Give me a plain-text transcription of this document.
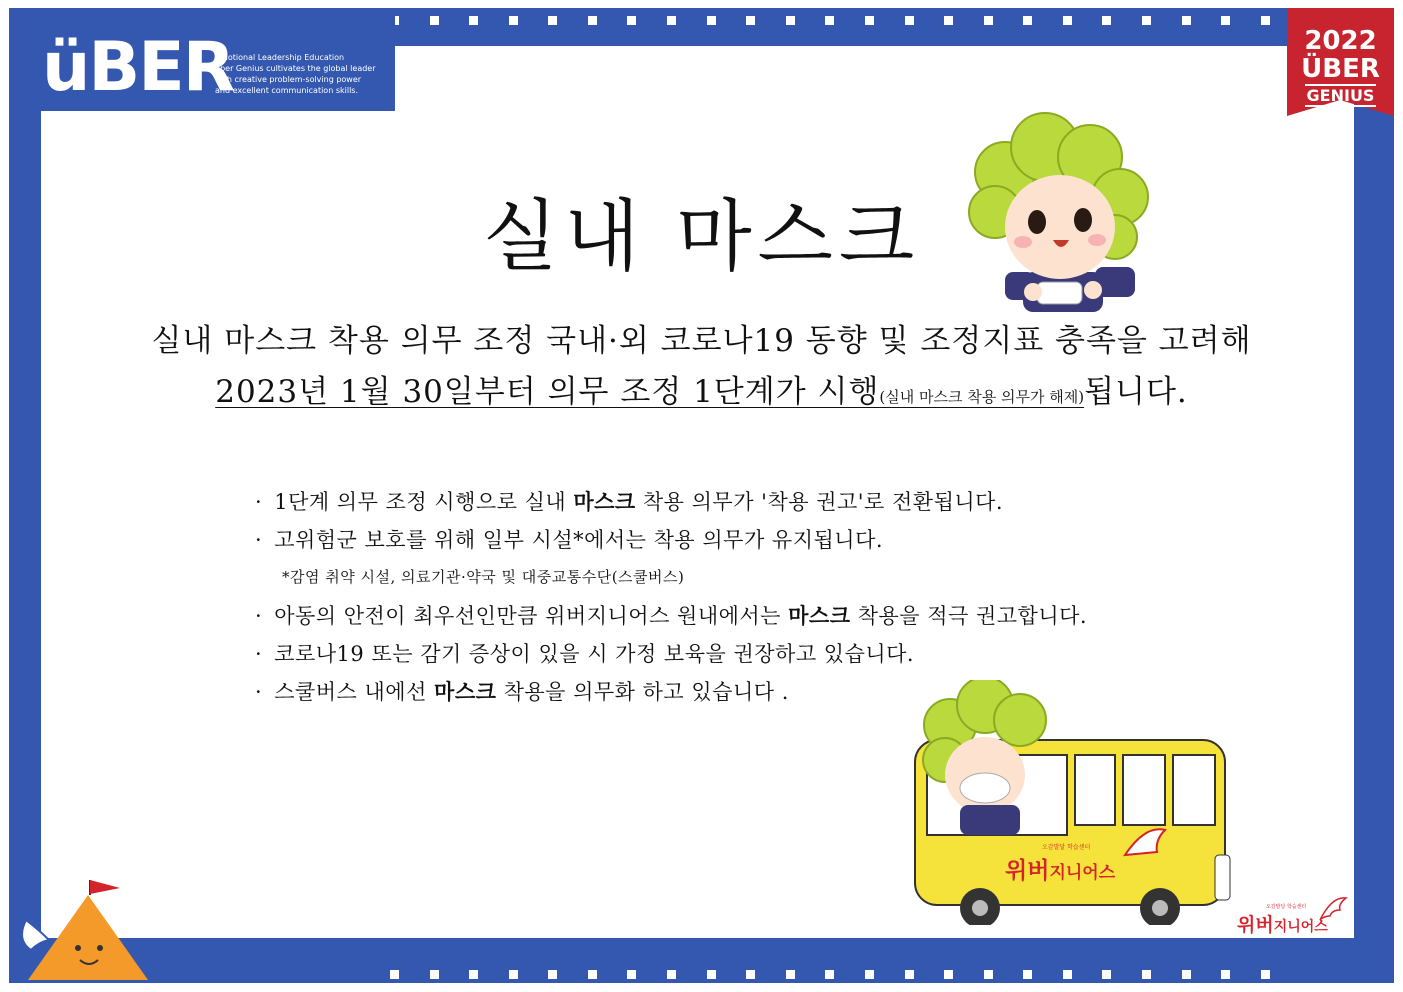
üBER
Emotional Leadership Education
uber Genius cultivates the global leader
with creative problem-solving power
and excellent communication skills.
2022
ÜBER
GENIUS
실내 마스크
실내 마스크 착용 의무 조정 국내·외 코로나19 동향 및 조정지표 충족을 고려해
2023년 1월 30일부터 의무 조정 1단계가 시행(실내 마스크 착용 의무가 해제)됩니다.
· 1단계 의무 조정 시행으로 실내 마스크 착용 의무가 '착용 권고'로 전환됩니다.
· 고위험군 보호를 위해 일부 시설*에서는 착용 의무가 유지됩니다.
*감염 취약 시설, 의료기관·약국 및 대중교통수단(스쿨버스)
· 아동의 안전이 최우선인만큼 위버지니어스 원내에서는 마스크 착용을 적극 권고합니다.
· 코로나19 또는 감기 증상이 있을 시 가정 보육을 권장하고 있습니다.
· 스쿨버스 내에선 마스크 착용을 의무화 하고 있습니다 .
오감발달 학습센터
위버지니어스
오감발달 학습센터
위버지니어스
